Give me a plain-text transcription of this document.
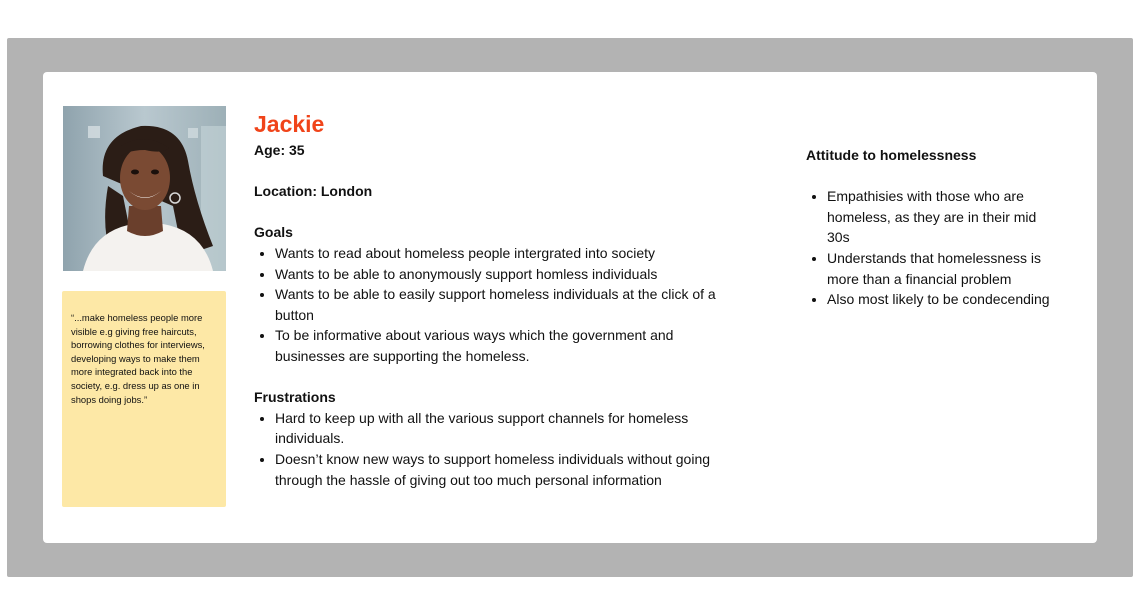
“...make homeless people more visible e.g giving free haircuts, borrowing clothes for interviews, developing ways to make them more integrated back into the society, e.g. dress up as one in shops doing jobs.”
Jackie

Age: 35

Location: London

Goals

• Wants to read about homeless people intergrated into society
• Wants to be able to anonymously support homless individuals
• Wants to be able to easily support homeless individuals at the click of a button
• To be informative about various ways which the government and businesses are supporting the homeless.

Frustrations

• Hard to keep up with all the various support channels for homeless individuals.
• Doesn’t know new ways to support homeless individuals without going through the hassle of giving out too much personal information

Attitude to homelessness

• Empathisies with those who are homeless, as they are in their mid 30s
• Understands that homelessness is more than a financial problem
• Also most likely to be condecending
